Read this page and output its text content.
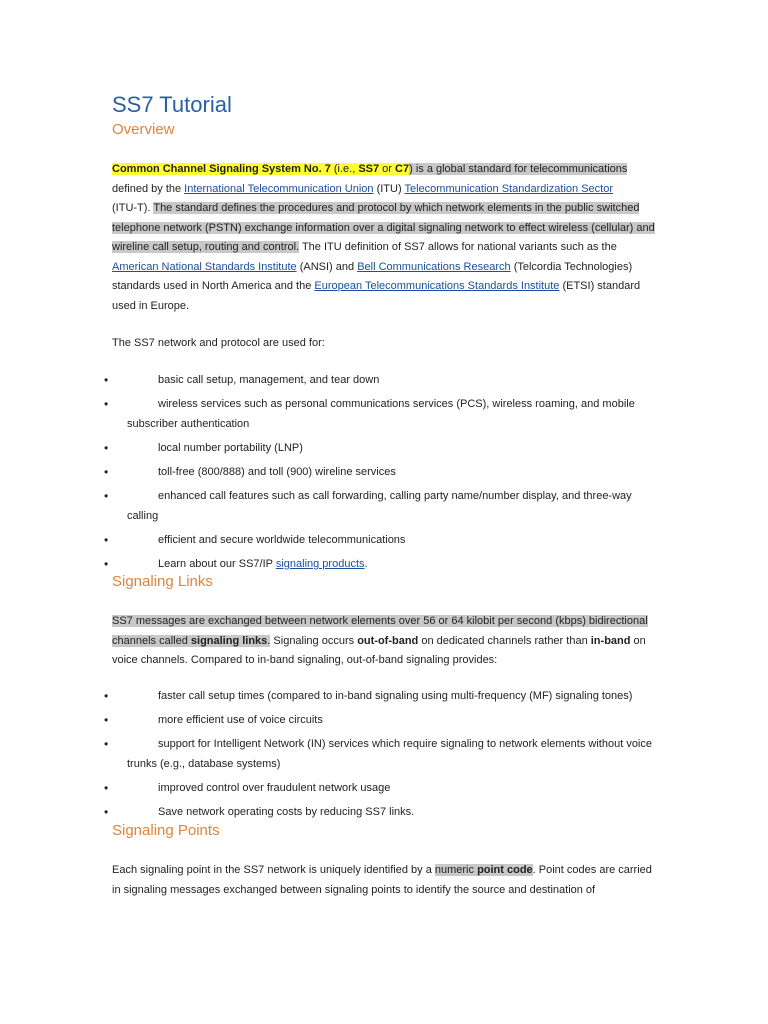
SS7 Tutorial
Overview

Common Channel Signaling System No. 7 (i.e., SS7 or C7) is a global standard for telecommunications
defined by the International Telecommunication Union (ITU) Telecommunication Standardization Sector
(ITU-T). The standard defines the procedures and protocol by which network elements in the public switched telephone network (PSTN) exchange information over a digital signaling network to effect wireless (cellular) and wireline call setup, routing and control. The ITU definition of SS7 allows for national variants such as the American National Standards Institute (ANSI) and Bell Communications Research (Telcordia Technologies) standards used in North America and the European Telecommunications Standards Institute (ETSI) standard used in Europe.

The SS7 network and protocol are used for:

•	basic call setup, management, and tear down
•	wireless services such as personal communications services (PCS), wireless roaming, and mobile subscriber authentication
•	local number portability (LNP)
•	toll-free (800/888) and toll (900) wireline services
•	enhanced call features such as call forwarding, calling party name/number display, and three-way calling
•	efficient and secure worldwide telecommunications
•	Learn about our SS7/IP signaling products.
Signaling Links

SS7 messages are exchanged between network elements over 56 or 64 kilobit per second (kbps) bidirectional channels called signaling links. Signaling occurs out-of-band on dedicated channels rather than in-band on voice channels. Compared to in-band signaling, out-of-band signaling provides:

•	faster call setup times (compared to in-band signaling using multi-frequency (MF) signaling tones)
•	more efficient use of voice circuits
•	support for Intelligent Network (IN) services which require signaling to network elements without voice trunks (e.g., database systems)
•	improved control over fraudulent network usage
•	Save network operating costs by reducing SS7 links.
Signaling Points

Each signaling point in the SS7 network is uniquely identified by a numeric point code. Point codes are carried in signaling messages exchanged between signaling points to identify the source and destination of
